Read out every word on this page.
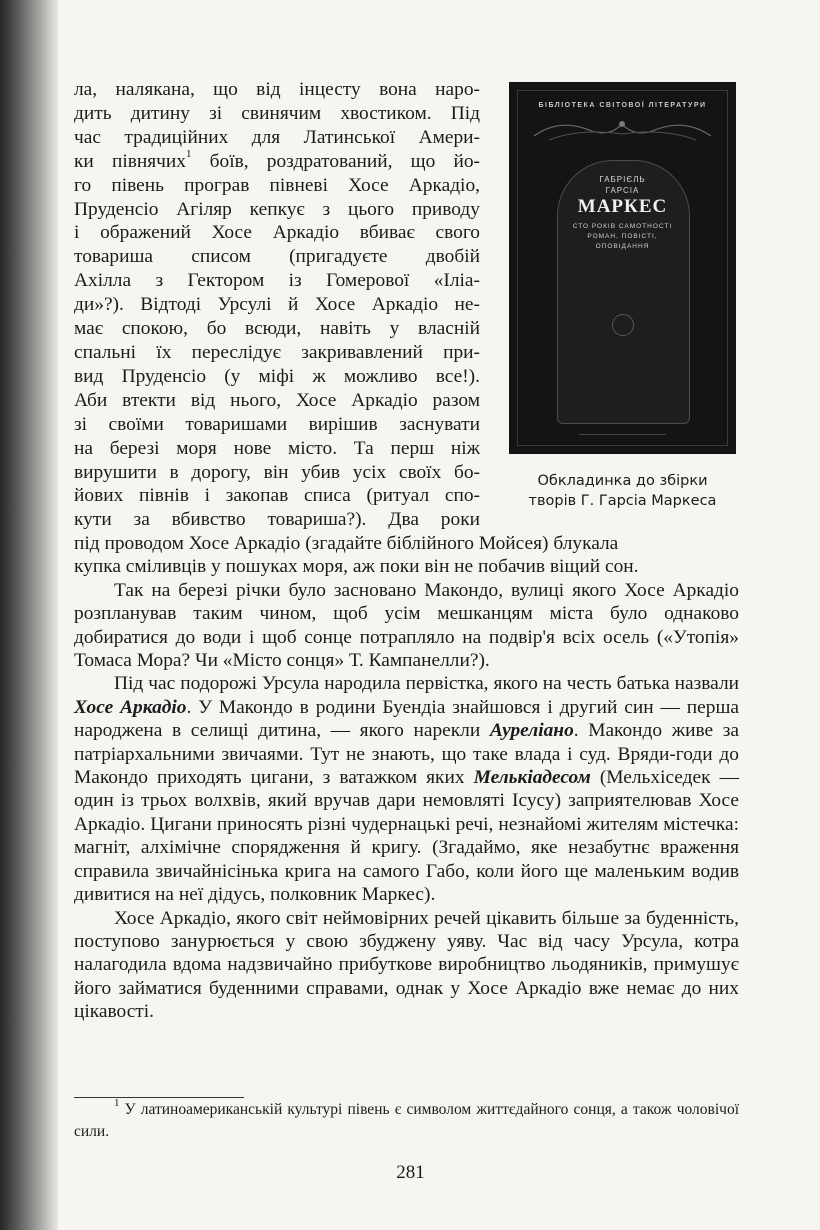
ла, налякана, що від інцесту вона наро-
дить дитину зі свинячим хвостиком. Під
час традиційних для Латинської Амери-
ки півнячих$^1$ боїв, роздратований, що йо-
го півень програв півневі Хосе Аркадіо,
Пруденсіо Агіляр кепкує з цього приводу
і ображений Хосе Аркадіо вбиває свого
товариша списом (пригадуєте двобій
Ахілла з Гектором із Гомерової «Іліа-
ди»?). Відтоді Урсулі й Хосе Аркадіо не-
має спокою, бо всюди, навіть у власній
спальні їх переслідує закривавлений при-
вид Пруденсіо (у міфі ж можливо все!).
Аби втекти від нього, Хосе Аркадіо разом
зі своїми товаришами вирішив заснувати
на березі моря нове місто. Та перш ніж
вирушити в дорогу, він убив усіх своїх бо-
йових півнів і закопав списа (ритуал спо-
кути за вбивство товариша?). Два роки
БІБЛІОТЕКА СВІТОВОЇ ЛІТЕРАТУРИ
ГАБРІЄЛЬ
ГАРСІА
МАРКЕС
СТО РОКІВ САМОТНОСТІ
РОМАН, ПОВІСТІ,
ОПОВІДАННЯ
Обкладинка до збірки
творів Г. Гарсіа Маркеса

під проводом Хосе Аркадіо (згадайте біблійного Мойсея) блукала
купка сміливців у пошуках моря, аж поки він не побачив віщий сон.

Так на березі річки було засновано Макондо, вулиці якого Хосе Аркадіо розпланував таким чином, щоб усім мешканцям міста було однаково добиратися до води і щоб сонце потрапляло на подвір'я всіх осель («Утопія» Томаса Мора? Чи «Місто сонця» Т. Кампанелли?).

Під час подорожі Урсула народила первістка, якого на честь батька назвали Хосе Аркадіо. У Макондо в родини Буендіа знайшовся і другий син — перша народжена в селищі дитина, — якого нарекли Ауреліано. Макондо живе за патріархальними звичаями. Тут не знають, що таке влада і суд. Вряди-годи до Макондо приходять цигани, з ватажком яких Мелькіадесом (Мельхіседек — один із трьох волхвів, який вручав дари немовляті Ісусу) заприятелював Хосе Аркадіо. Цигани приносять різні чудернацькі речі, незнайомі жителям містечка: магніт, алхімічне спорядження й кригу. (Згадаймо, яке незабутнє враження справила звичайнісінька крига на самого Габо, коли його ще маленьким водив дивитися на неї дідусь, полковник Маркес).

Хосе Аркадіо, якого світ неймовірних речей цікавить більше за буденність, поступово занурюється у свою збуджену уяву. Час від часу Урсула, котра налагодила вдома надзвичайно прибуткове виробництво льодяників, примушує його займатися буденними справами, однак у Хосе Аркадіо вже немає до них цікавості.

$^1$ У латиноамериканській культурі півень є символом життєдайного сонця, а також чоловічої сили.

281
